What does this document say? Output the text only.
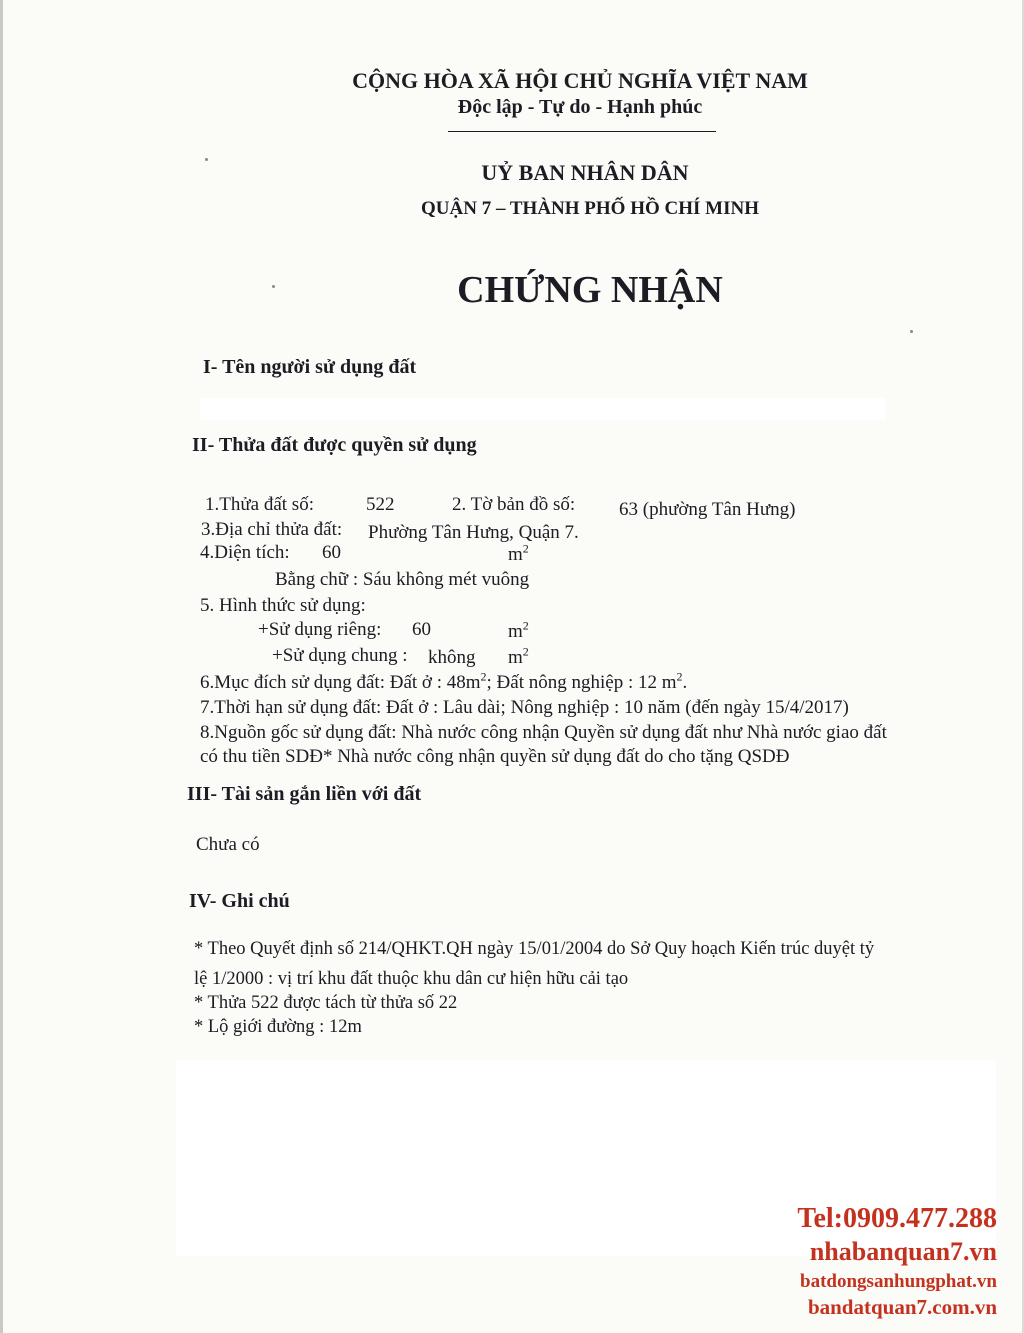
CỘNG HÒA XÃ HỘI CHỦ NGHĨA VIỆT NAM
Độc lập - Tự do - Hạnh phúc
UỶ BAN NHÂN DÂN
QUẬN 7 – THÀNH PHỐ HỒ CHÍ MINH
CHỨNG NHẬN
I- Tên người sử dụng đất
II- Thửa đất được quyền sử dụng
1.Thửa đất số:	522	2. Tờ bản đồ số: 63 (phường Tân Hưng)
3.Địa chỉ thửa đất: Phường Tân Hưng, Quận 7.
4.Diện tích: 60	$m^2$
Bằng chữ : Sáu không mét vuông
5. Hình thức sử dụng:
+Sử dụng riêng: 60	$m^2$
+Sử dụng chung : không $m^2$
6.Mục đích sử dụng đất: Đất ở : $48m^2$; Đất nông nghiệp : 12 $m^2$.
7.Thời hạn sử dụng đất: Đất ở : Lâu dài; Nông nghiệp : 10 năm (đến ngày 15/4/2017)
8.Nguồn gốc sử dụng đất: Nhà nước công nhận Quyền sử dụng đất như Nhà nước giao đất
có thu tiền SDĐ* Nhà nước công nhận quyền sử dụng đất do cho tặng QSDĐ
III- Tài sản gắn liền với đất
Chưa có
IV- Ghi chú
* Theo Quyết định số 214/QHKT.QH ngày 15/01/2004 do Sở Quy hoạch Kiến trúc duyệt tỷ
lệ 1/2000 : vị trí khu đất thuộc khu dân cư hiện hữu cải tạo
* Thửa 522 được tách từ thửa số 22
* Lộ giới đường : 12m
Tel:0909.477.288
nhabanquan7.vn
batdongsanhungphat.vn
bandatquan7.com.vn
